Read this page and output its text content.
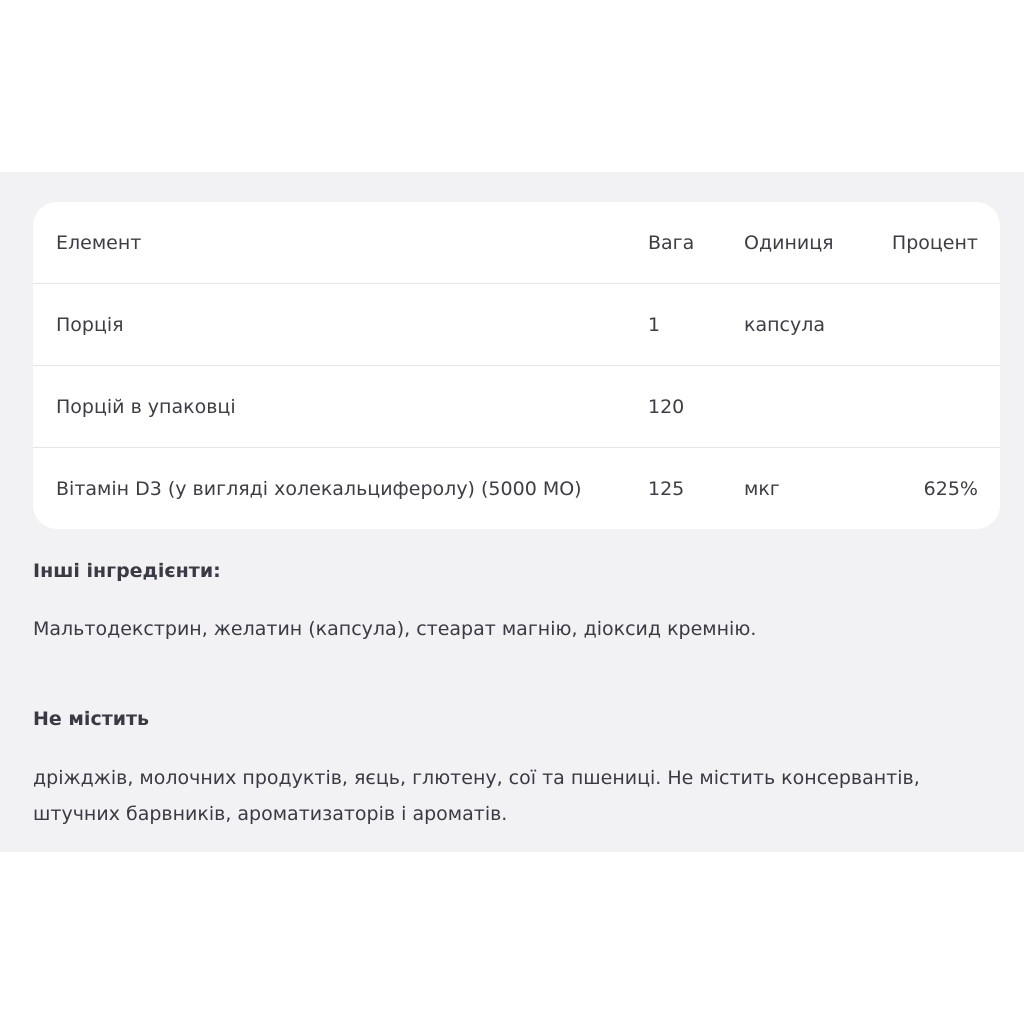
Елемент	Вага	Одиниця	Процент
Порція	1	капсула
Порцій в упаковці	120
Вітамін D3 (у вигляді холекальциферолу) (5000 МО)	125	мкг	625%
Інші інгредієнти:
Мальтодекстрин, желатин (капсула), стеарат магнію, діоксид кремнію.
Не містить
дріжджів, молочних продуктів, яєць, глютену, сої та пшениці. Не містить консервантів,
штучних барвників, ароматизаторів і ароматів.
